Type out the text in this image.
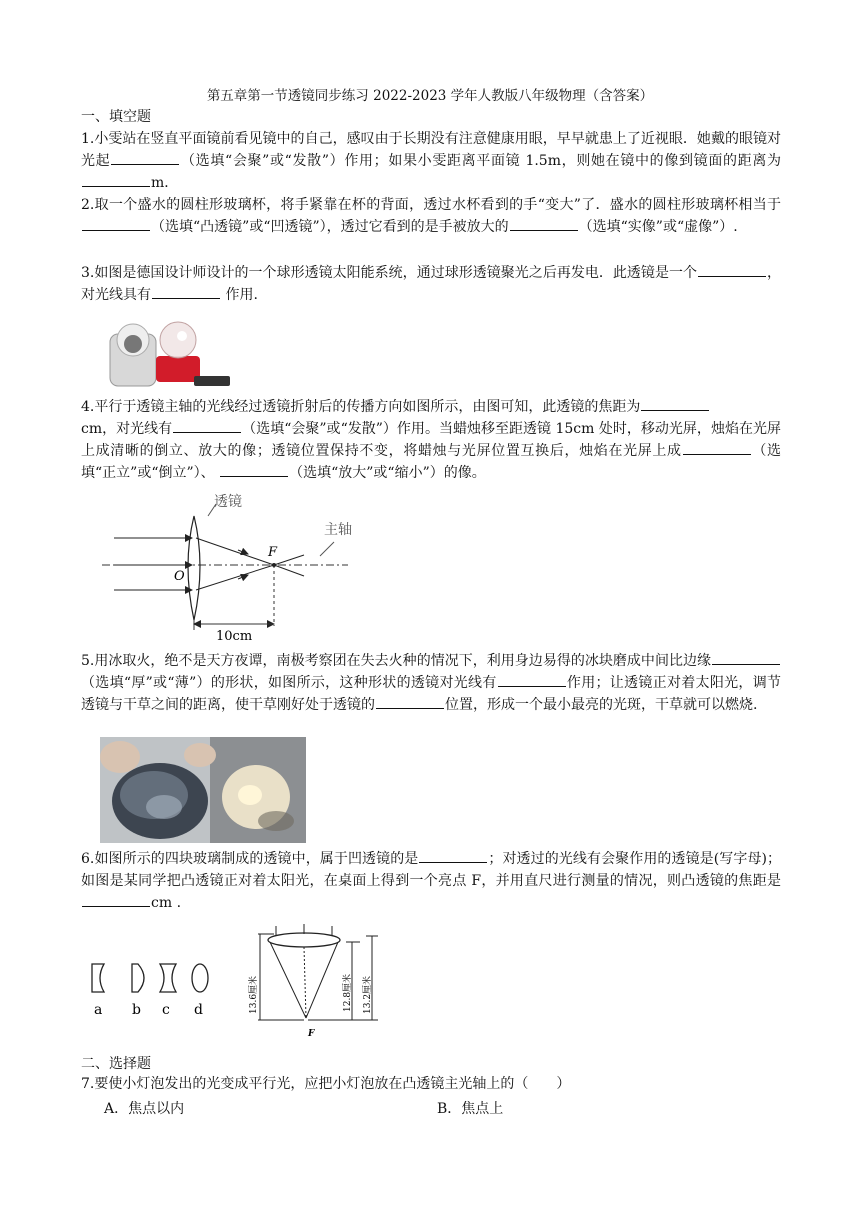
第五章第一节透镜同步练习 2022-2023 学年人教版八年级物理（含答案）
一、填空题
1.小雯站在竖直平面镜前看见镜中的自己，感叹由于长期没有注意健康用眼，早早就患上了近视眼．她戴的眼镜对光起	（选填“会聚”或“发散”）作用；如果小雯距离平面镜 1.5m，则她在镜中的像到镜面的距离为m．
2.取一个盛水的圆柱形玻璃杯，将手紧靠在杯的背面，透过水杯看到的手“变大”了．盛水的圆柱形玻璃杯相当于（选填“凸透镜”或“凹透镜”），透过它看到的是手被放大的	（选填“实像”或“虚像”）.
3.如图是德国设计师设计的一个球形透镜太阳能系统，通过球形透镜聚光之后再发电．此透镜是一个	，对光线具有	作用.
4.平行于透镜主轴的光线经过透镜折射后的传播方向如图所示，由图可知，此透镜的焦距为
cm，对光线有	（选填“会聚”或“发散”）作用。当蜡烛移至距透镜 15cm 处时，移动光屏，烛焰在光屏上成清晰的倒立、放大的像；透镜位置保持不变，将蜡烛与光屏位置互换后，烛焰在光屏上成	（选填“正立”或“倒立”）、	（选填“放大”或“缩小”）的像。
透镜
主轴
F
O
10cm
5.用冰取火，绝不是天方夜谭，南极考察团在失去火种的情况下，利用身边易得的冰块磨成中间比边缘（选填“厚”或“薄”）的形状，如图所示，这种形状的透镜对光线有	作用；让透镜正对着太阳光，调节透镜与干草之间的距离，使干草刚好处于透镜的	位置，形成一个最小最亮的光斑，干草就可以燃烧.
6.如图所示的四块玻璃制成的透镜中，属于凹透镜的是	；对透过的光线有会聚作用的透镜是(写字母)；如图是某同学把凸透镜正对着太阳光，在桌面上得到一个亮点 F，并用直尺进行测量的情况，则凸透镜的焦距是cm .
a b c d	13.6厘米	12.8厘米 13.2厘米
F
二、选择题
7.要使小灯泡发出的光变成平行光，应把小灯泡放在凸透镜主光轴上的（　　）
A．焦点以内	B．焦点上
